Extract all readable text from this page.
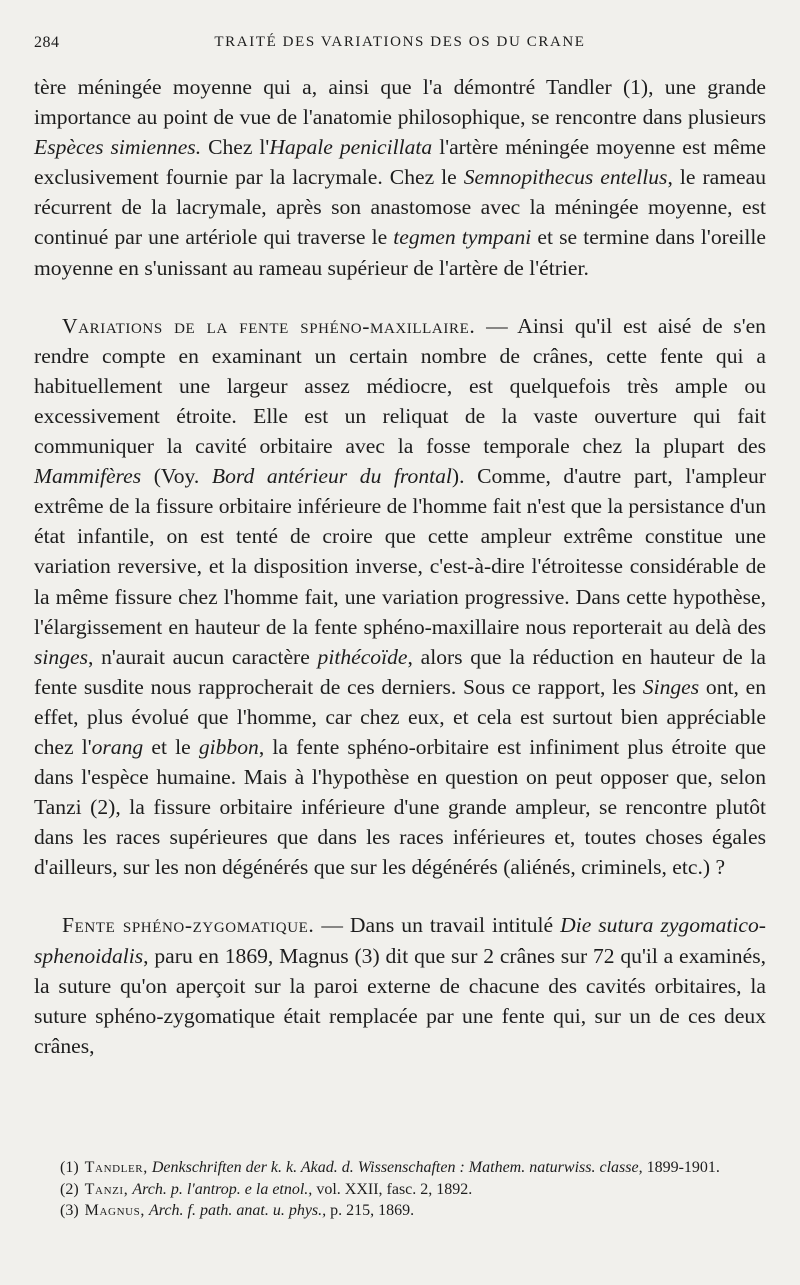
284	TRAITÉ DES VARIATIONS DES OS DU CRANE

tère méningée moyenne qui a, ainsi que l'a démontré Tandler (1), une grande importance au point de vue de l'anatomie philosophique, se rencontre dans plusieurs Espèces simiennes. Chez l'Hapale penicillata l'artère méningée moyenne est même exclusivement fournie par la lacrymale. Chez le Semnopithecus entellus, le rameau récurrent de la lacrymale, après son anastomose avec la méningée moyenne, est continué par une artériole qui traverse le tegmen tympani et se termine dans l'oreille moyenne en s'unissant au rameau supérieur de l'artère de l'étrier.

Variations de la fente sphéno-maxillaire. — Ainsi qu'il est aisé de s'en rendre compte en examinant un certain nombre de crânes, cette fente qui a habituellement une largeur assez médiocre, est quelquefois très ample ou excessivement étroite. Elle est un reliquat de la vaste ouverture qui fait communiquer la cavité orbitaire avec la fosse temporale chez la plupart des Mammifères (Voy. Bord antérieur du frontal). Comme, d'autre part, l'ampleur extrême de la fissure orbitaire inférieure de l'homme fait n'est que la persistance d'un état infantile, on est tenté de croire que cette ampleur extrême constitue une variation reversive, et la disposition inverse, c'est-à-dire l'étroitesse considérable de la même fissure chez l'homme fait, une variation progressive. Dans cette hypothèse, l'élargissement en hauteur de la fente sphéno-maxillaire nous reporterait au delà des singes, n'aurait aucun caractère pithécoïde, alors que la réduction en hauteur de la fente susdite nous rapprocherait de ces derniers. Sous ce rapport, les Singes ont, en effet, plus évolué que l'homme, car chez eux, et cela est surtout bien appréciable chez l'orang et le gibbon, la fente sphéno-orbitaire est infiniment plus étroite que dans l'espèce humaine. Mais à l'hypothèse en question on peut opposer que, selon Tanzi (2), la fissure orbitaire inférieure d'une grande ampleur, se rencontre plutôt dans les races supérieures que dans les races inférieures et, toutes choses égales d'ailleurs, sur les non dégénérés que sur les dégénérés (aliénés, criminels, etc.) ?

Fente sphéno-zygomatique. — Dans un travail intitulé Die sutura zygomatico-sphenoidalis, paru en 1869, Magnus (3) dit que sur 2 crânes sur 72 qu'il a examinés, la suture qu'on aperçoit sur la paroi externe de chacune des cavités orbitaires, la suture sphéno-zygomatique était remplacée par une fente qui, sur un de ces deux crânes,

(1) Tandler, Denkschriften der k. k. Akad. d. Wissenschaften : Mathem. naturwiss. classe, 1899-1901.

(2) Tanzi, Arch. p. l'antrop. e la etnol., vol. XXII, fasc. 2, 1892.

(3) Magnus, Arch. f. path. anat. u. phys., p. 215, 1869.
